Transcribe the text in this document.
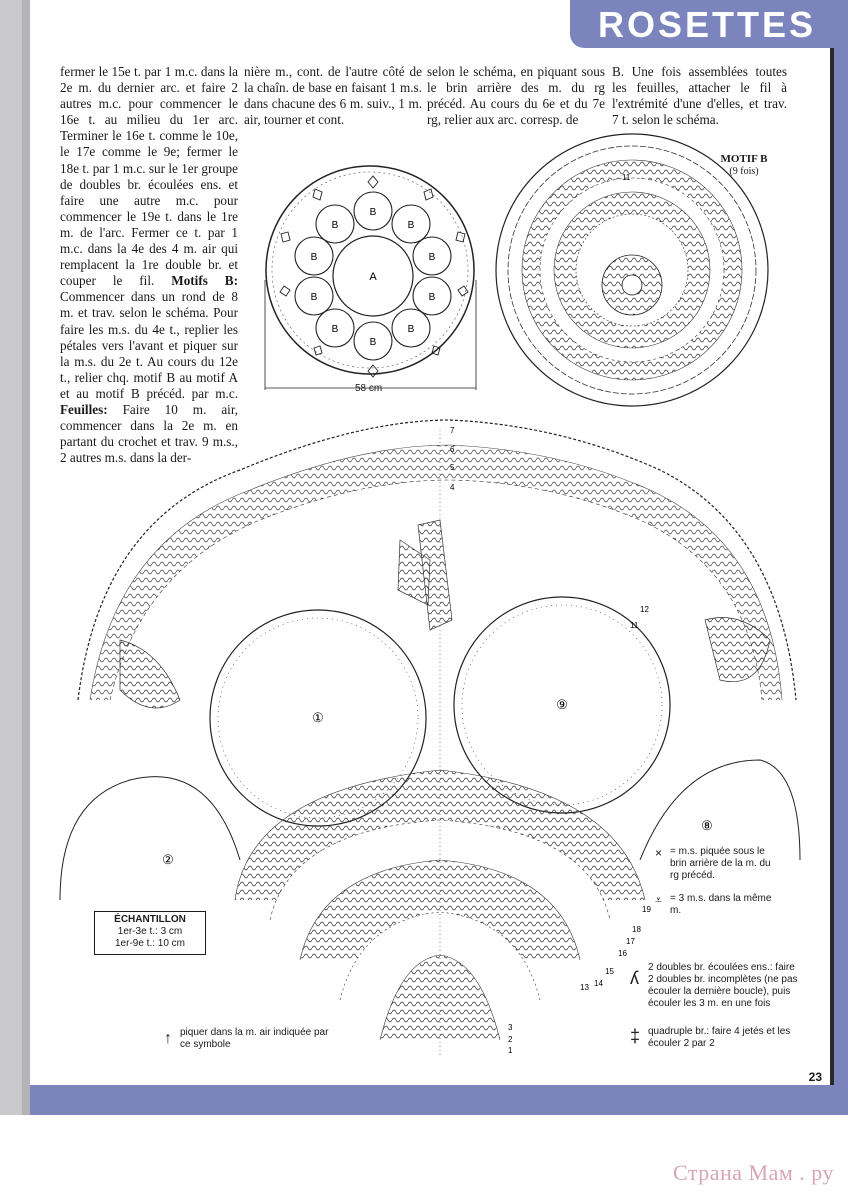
ROSETTES
23
Страна Мам . ру

fermer le 15e t. par 1 m.c. dans la 2e m. du dernier arc. et faire 2 autres m.c. pour commencer le 16e t. au milieu du 1er arc. Terminer le 16e t. comme le 10e, le 17e comme le 9e; fermer le 18e t. par 1 m.c. sur le 1er groupe de doubles br. écoulées ens. et faire une autre m.c. pour commencer le 19e t. dans le 1re m. de l'arc. Fermer ce t. par 1 m.c. dans la 4e des 4 m. air qui remplacent la 1re double br. et couper le fil. Motifs B: Commencer dans un rond de 8 m. et trav. selon le schéma. Pour faire les m.s. du 4e t., replier les pétales vers l'avant et piquer sur la m.s. du 2e t. Au cours du 12e t., relier chq. motif B au motif A et au motif B précéd. par m.c. Feuilles: Faire 10 m. air, commencer dans la 2e m. en partant du crochet et trav. 9 m.s., 2 autres m.s. dans la der-

nière m., cont. de l'autre côté de la chaîn. de base en faisant 1 m.s. dans chacune des 6 m. suiv., 1 m. air, tourner et cont.

selon le schéma, en piquant sous le brin arrière des m. du rg précéd. Au cours du 6e et du 7e rg, relier aux arc. corresp. de

B. Une fois assemblées toutes les feuilles, attacher le fil à l'extrémité d'une d'elles, et trav. 7 t. selon le schéma.

MOTIF B
(9 fois)
A
B
B
B
B
B
B
B
B
B
B
11
①
⑨
②
⑧
1
2
3
4
5
6
7
11
12
13 14
15
16
17
18
19
58 cm
ÉCHANTILLON
1er-3e t.: 3 cm
1er-9e t.: 10 cm
× = m.s. piquée sous le brin arrière de la m. du rg précéd.
⩡ = 3 m.s. dans la même m.
ʎ
2 doubles br. écoulées ens.: faire 2 doubles br. incomplètes (ne pas écouler la dernière boucle), puis écouler les 3 m. en une fois
‡ quadruple br.: faire 4 jetés et les écouler 2 par 2
↑ piquer dans la m. air indiquée par ce symbole
